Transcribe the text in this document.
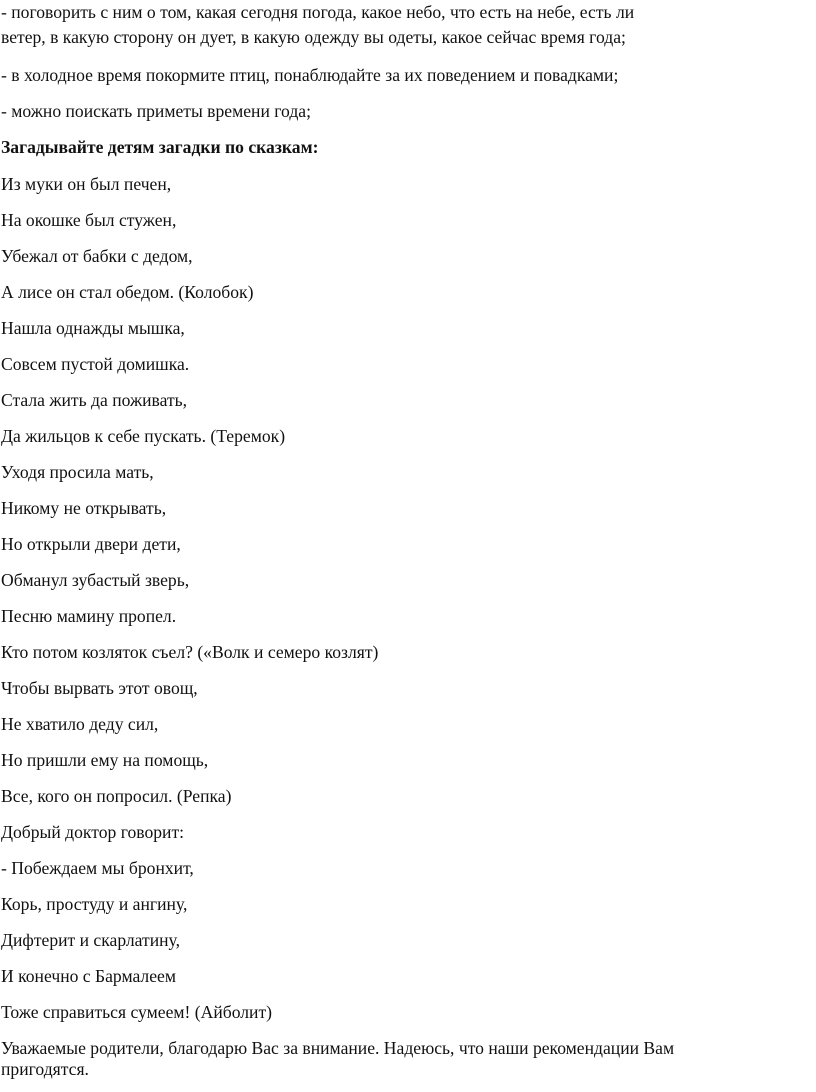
- поговорить с ним о том, какая сегодня погода, какое небо, что есть на небе, есть ли
ветер, в какую сторону он дует, в какую одежду вы одеты, какое сейчас время года;
- в холодное время покормите птиц, понаблюдайте за их поведением и повадками;
- можно поискать приметы времени года;
Загадывайте детям загадки по сказкам:
Из муки он был печен,
На окошке был стужен,
Убежал от бабки с дедом,
А лисе он стал обедом. (Колобок)
Нашла однажды мышка,
Совсем пустой домишка.
Стала жить да поживать,
Да жильцов к себе пускать. (Теремок)
Уходя просила мать,
Никому не открывать,
Но открыли двери дети,
Обманул зубастый зверь,
Песню мамину пропел.
Кто потом козляток съел? («Волк и семеро козлят)
Чтобы вырвать этот овощ,
Не хватило деду сил,
Но пришли ему на помощь,
Все, кого он попросил. (Репка)
Добрый доктор говорит:
- Побеждаем мы бронхит,
Корь, простуду и ангину,
Дифтерит и скарлатину,
И конечно с Бармалеем
Тоже справиться сумеем! (Айболит)
Уважаемые родители, благодарю Вас за внимание. Надеюсь, что наши рекомендации Вам
пригодятся.
